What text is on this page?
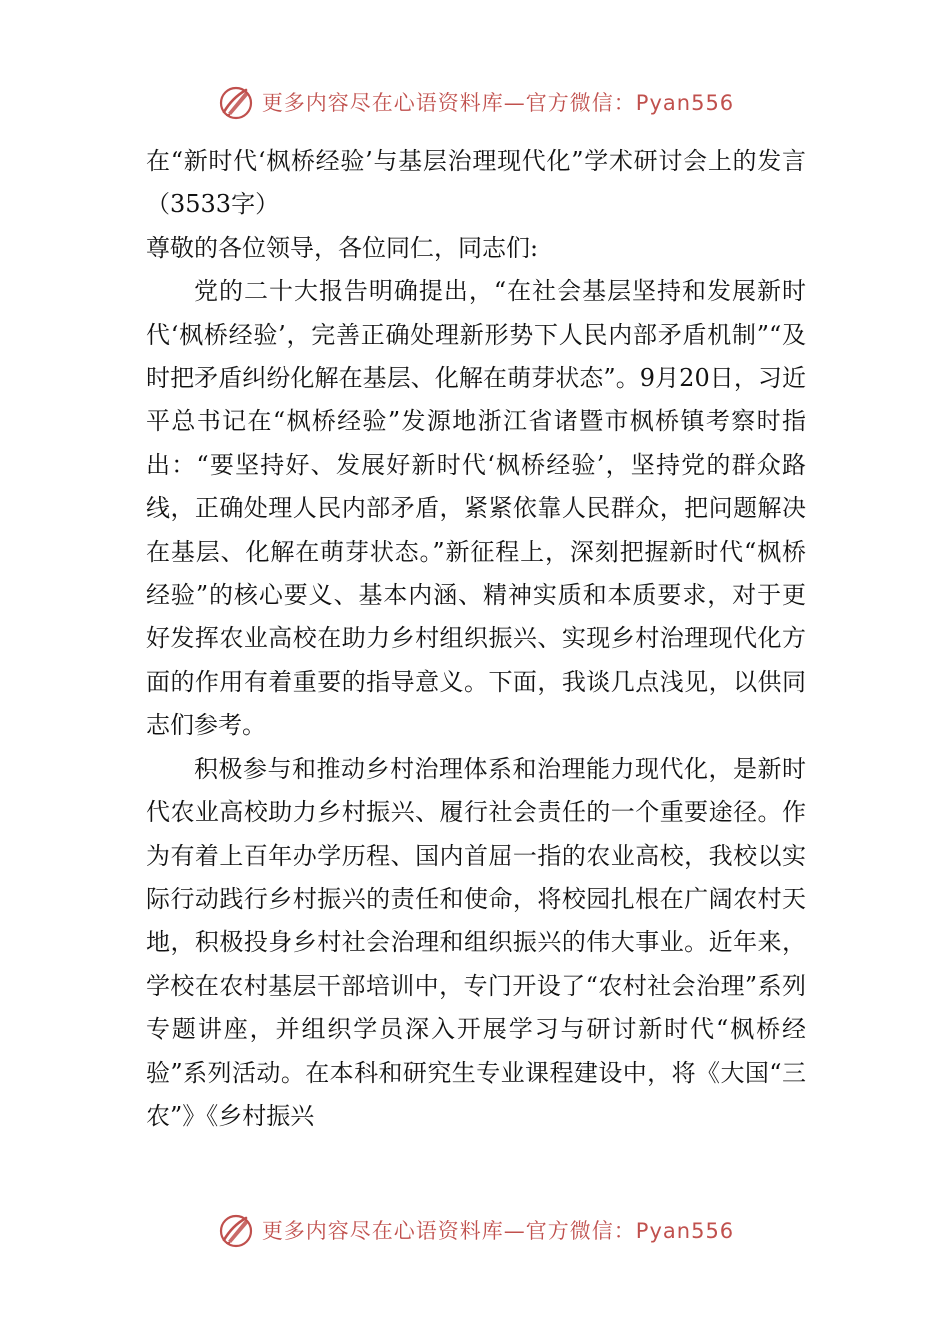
更多内容尽在心语资料库—官方微信：Pyan556

在“新时代‘枫桥经验’与基层治理现代化”学术研讨会上的发言（3533字）

尊敬的各位领导，各位同仁，同志们:

党的二十大报告明确提出，“在社会基层坚持和发展新时代‘枫桥经验’，完善正确处理新形势下人民内部矛盾机制”“及时把矛盾纠纷化解在基层、化解在萌芽状态”。9月20日，习近平总书记在“枫桥经验”发源地浙江省诸暨市枫桥镇考察时指出：“要坚持好、发展好新时代‘枫桥经验’，坚持党的群众路线，正确处理人民内部矛盾，紧紧依靠人民群众，把问题解决在基层、化解在萌芽状态。”新征程上，深刻把握新时代“枫桥经验”的核心要义、基本内涵、精神实质和本质要求，对于更好发挥农业高校在助力乡村组织振兴、实现乡村治理现代化方面的作用有着重要的指导意义。下面，我谈几点浅见，以供同志们参考。

积极参与和推动乡村治理体系和治理能力现代化，是新时代农业高校助力乡村振兴、履行社会责任的一个重要途径。作为有着上百年办学历程、国内首屈一指的农业高校，我校以实际行动践行乡村振兴的责任和使命，将校园扎根在广阔农村天地，积极投身乡村社会治理和组织振兴的伟大事业。近年来，学校在农村基层干部培训中，专门开设了“农村社会治理”系列专题讲座，并组织学员深入开展学习与研讨新时代“枫桥经验”系列活动。在本科和研究生专业课程建设中，将《大国“三农”》《乡村振兴

更多内容尽在心语资料库—官方微信：Pyan556
